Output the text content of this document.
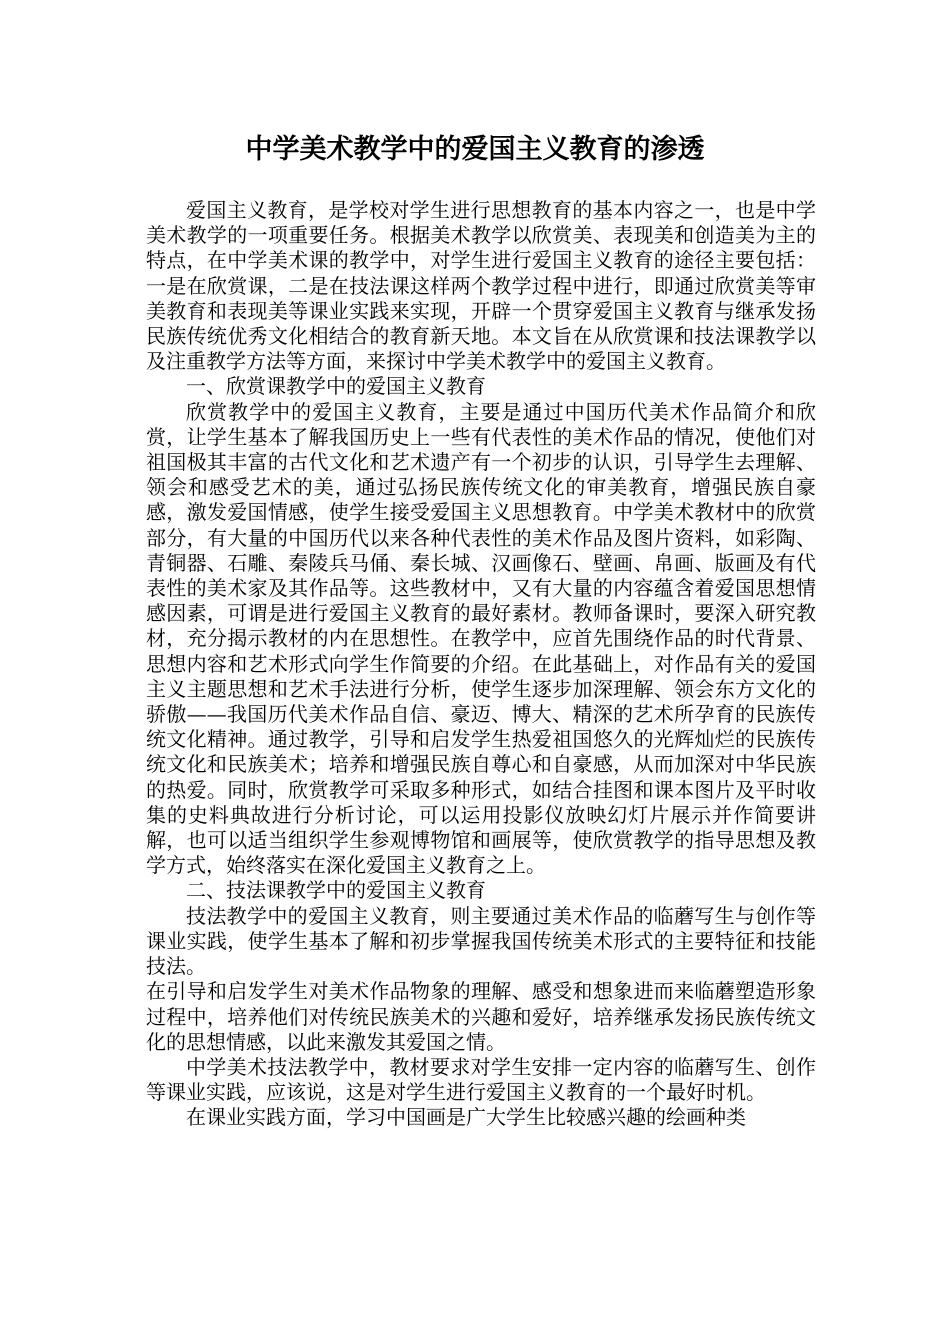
中学美术教学中的爱国主义教育的渗透

爱国主义教育，是学校对学生进行思想教育的基本内容之一，也是中学美术教学的一项重要任务。根据美术教学以欣赏美、表现美和创造美为主的特点，在中学美术课的教学中，对学生进行爱国主义教育的途径主要包括：一是在欣赏课，二是在技法课这样两个教学过程中进行，即通过欣赏美等审美教育和表现美等课业实践来实现，开辟一个贯穿爱国主义教育与继承发扬民族传统优秀文化相结合的教育新天地。本文旨在从欣赏课和技法课教学以及注重教学方法等方面，来探讨中学美术教学中的爱国主义教育。

一、欣赏课教学中的爱国主义教育

欣赏教学中的爱国主义教育，主要是通过中国历代美术作品简介和欣赏，让学生基本了解我国历史上一些有代表性的美术作品的情况，使他们对祖国极其丰富的古代文化和艺术遗产有一个初步的认识，引导学生去理解、领会和感受艺术的美，通过弘扬民族传统文化的审美教育，增强民族自豪感，激发爱国情感，使学生接受爱国主义思想教育。中学美术教材中的欣赏部分，有大量的中国历代以来各种代表性的美术作品及图片资料，如彩陶、青铜器、石雕、秦陵兵马俑、秦长城、汉画像石、壁画、帛画、版画及有代表性的美术家及其作品等。这些教材中，又有大量的内容蕴含着爱国思想情感因素，可谓是进行爱国主义教育的最好素材。教师备课时，要深入研究教材，充分揭示教材的内在思想性。在教学中，应首先围绕作品的时代背景、思想内容和艺术形式向学生作简要的介绍。在此基础上，对作品有关的爱国主义主题思想和艺术手法进行分析，使学生逐步加深理解、领会东方文化的骄傲——我国历代美术作品自信、豪迈、博大、精深的艺术所孕育的民族传统文化精神。通过教学，引导和启发学生热爱祖国悠久的光辉灿烂的民族传统文化和民族美术；培养和增强民族自尊心和自豪感，从而加深对中华民族的热爱。同时，欣赏教学可采取多种形式，如结合挂图和课本图片及平时收集的史料典故进行分析讨论，可以运用投影仪放映幻灯片展示并作简要讲解，也可以适当组织学生参观博物馆和画展等，使欣赏教学的指导思想及教学方式，始终落实在深化爱国主义教育之上。

二、技法课教学中的爱国主义教育

技法教学中的爱国主义教育，则主要通过美术作品的临蘑写生与创作等课业实践，使学生基本了解和初步掌握我国传统美术形式的主要特征和技能技法。

在引导和启发学生对美术作品物象的理解、感受和想象进而来临蘑塑造形象过程中，培养他们对传统民族美术的兴趣和爱好，培养继承发扬民族传统文化的思想情感，以此来激发其爱国之情。

中学美术技法教学中，教材要求对学生安排一定内容的临蘑写生、创作等课业实践，应该说，这是对学生进行爱国主义教育的一个最好时机。

在课业实践方面，学习中国画是广大学生比较感兴趣的绘画种类
